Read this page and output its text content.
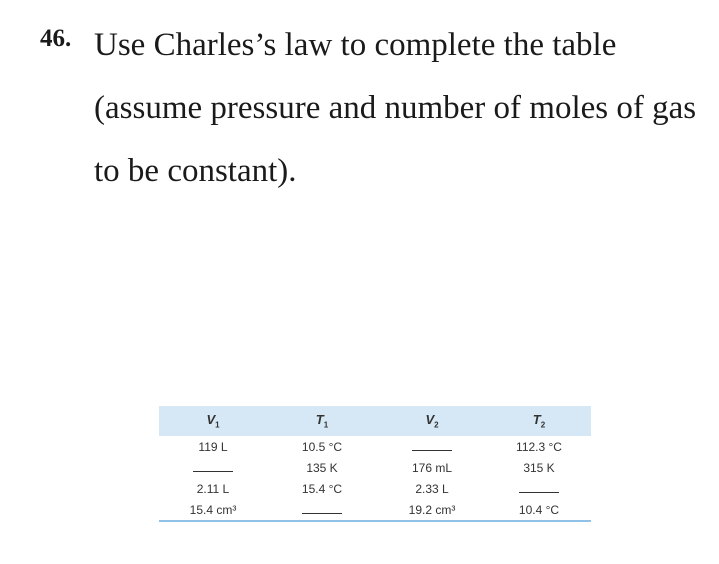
46. Use Charles’s law to complete the table (assume pressure and number of moles of gas to be constant).
$V_1$	$T_1$	$V_2$	$T_2$
119 L	10.5 °C		112.3 °C
	135 K	176 mL	315 K
2.11 L	15.4 °C	2.33 L	
15.4 cm³		19.2 cm³	10.4 °C
